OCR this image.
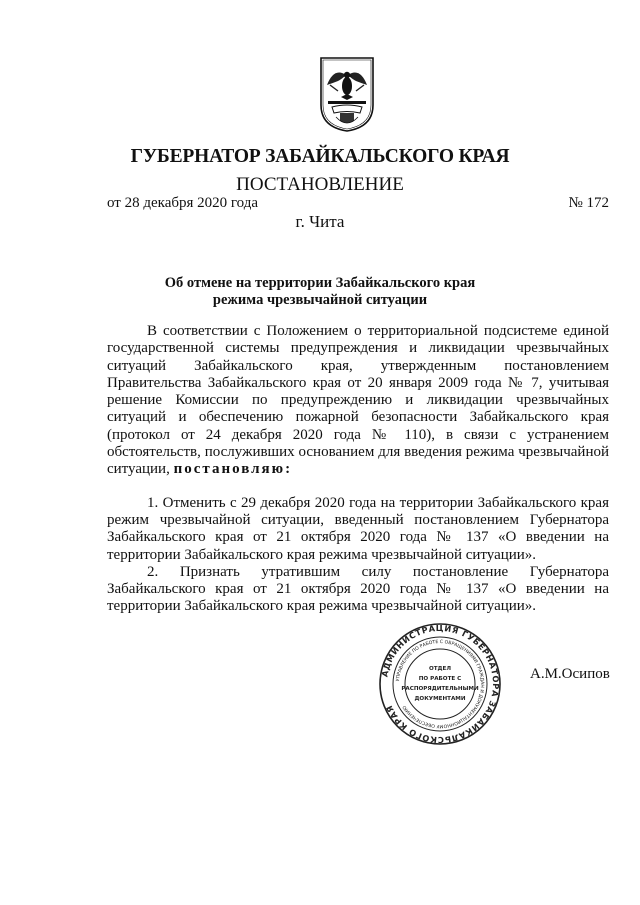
ГУБЕРНАТОР ЗАБАЙКАЛЬСКОГО КРАЯ
ПОСТАНОВЛЕНИЕ
от 28 декабря 2020 года	№ 172
г. Чита
Об отмене на территории Забайкальского края режима чрезвычайной ситуации

В соответствии с Положением о территориальной подсистеме единой государственной системы предупреждения и ликвидации чрезвычайных ситуаций Забайкальского края, утвержденным постановлением Правительства Забайкальского края от 20 января 2009 года № 7, учитывая решение Комиссии по предупреждению и ликвидации чрезвычайных ситуаций и обеспечению пожарной безопасности Забайкальского края (протокол от 24 декабря 2020 года № 110), в связи с устранением обстоятельств, послуживших основанием для введения режима чрезвычайной ситуации, постановляю:

1. Отменить с 29 декабря 2020 года на территории Забайкальского края режим чрезвычайной ситуации, введенный постановлением Губернатора Забайкальского края от 21 октября 2020 года № 137 «О введении на территории Забайкальского края режима чрезвычайной ситуации».

2. Признать утратившим силу постановление Губернатора Забайкальского края от 21 октября 2020 года № 137 «О введении на территории Забайкальского края режима чрезвычайной ситуации».

АДМИНИСТРАЦИЯ ГУБЕРНАТОРА ЗАБАЙКАЛЬСКОГО КРАЯ
УПРАВЛЕНИЕ ПО РАБОТЕ С ОБРАЩЕНИЯМИ ГРАЖДАН И ДОКУМЕНТАЦИОННОМУ ОБЕСПЕЧЕНИЮ
ОТДЕЛ
ПО РАБОТЕ С
РАСПОРЯДИТЕЛЬНЫМИ
ДОКУМЕНТАМИ
А.М.Осипов
